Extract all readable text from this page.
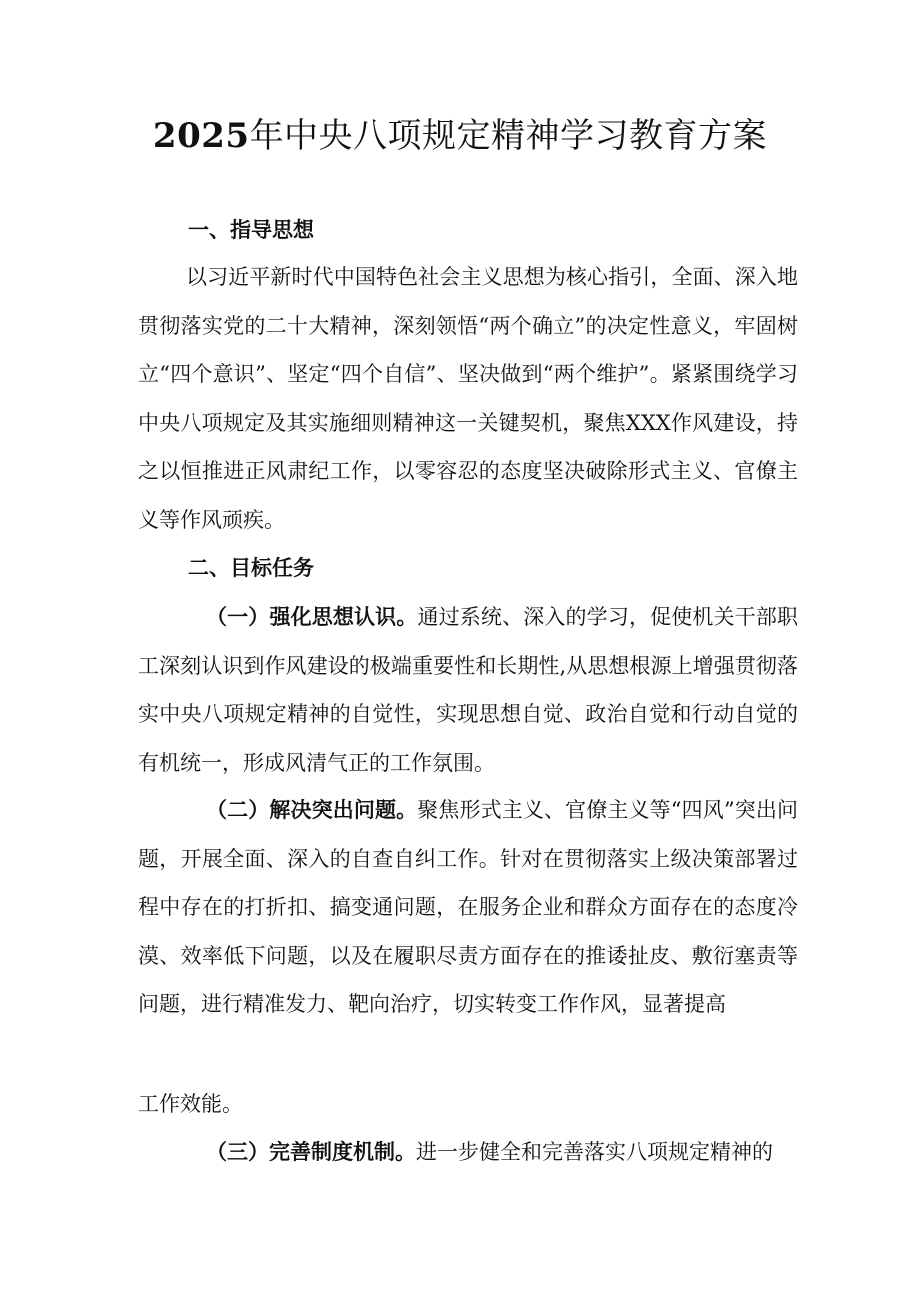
2025年中央八项规定精神学习教育方案
一、指导思想

以习近平新时代中国特色社会主义思想为核心指引，全面、深入地贯彻落实党的二十大精神，深刻领悟“两个确立”的决定性意义，牢固树立“四个意识”、坚定“四个自信”、坚决做到“两个维护”。紧紧围绕学习中央八项规定及其实施细则精神这一关键契机，聚焦XXX作风建设，持之以恒推进正风肃纪工作，以零容忍的态度坚决破除形式主义、官僚主义等作风顽疾。

二、目标任务

（一）强化思想认识。通过系统、深入的学习，促使机关干部职工深刻认识到作风建设的极端重要性和长期性,从思想根源上增强贯彻落实中央八项规定精神的自觉性，实现思想自觉、政治自觉和行动自觉的有机统一，形成风清气正的工作氛围。

（二）解决突出问题。聚焦形式主义、官僚主义等“四风”突出问题，开展全面、深入的自查自纠工作。针对在贯彻落实上级决策部署过程中存在的打折扣、搞变通问题，在服务企业和群众方面存在的态度冷漠、效率低下问题，以及在履职尽责方面存在的推诿扯皮、敷衍塞责等问题，进行精准发力、靶向治疗，切实转变工作作风，显著提高

工作效能。

（三）完善制度机制。进一步健全和完善落实八项规定精神的
